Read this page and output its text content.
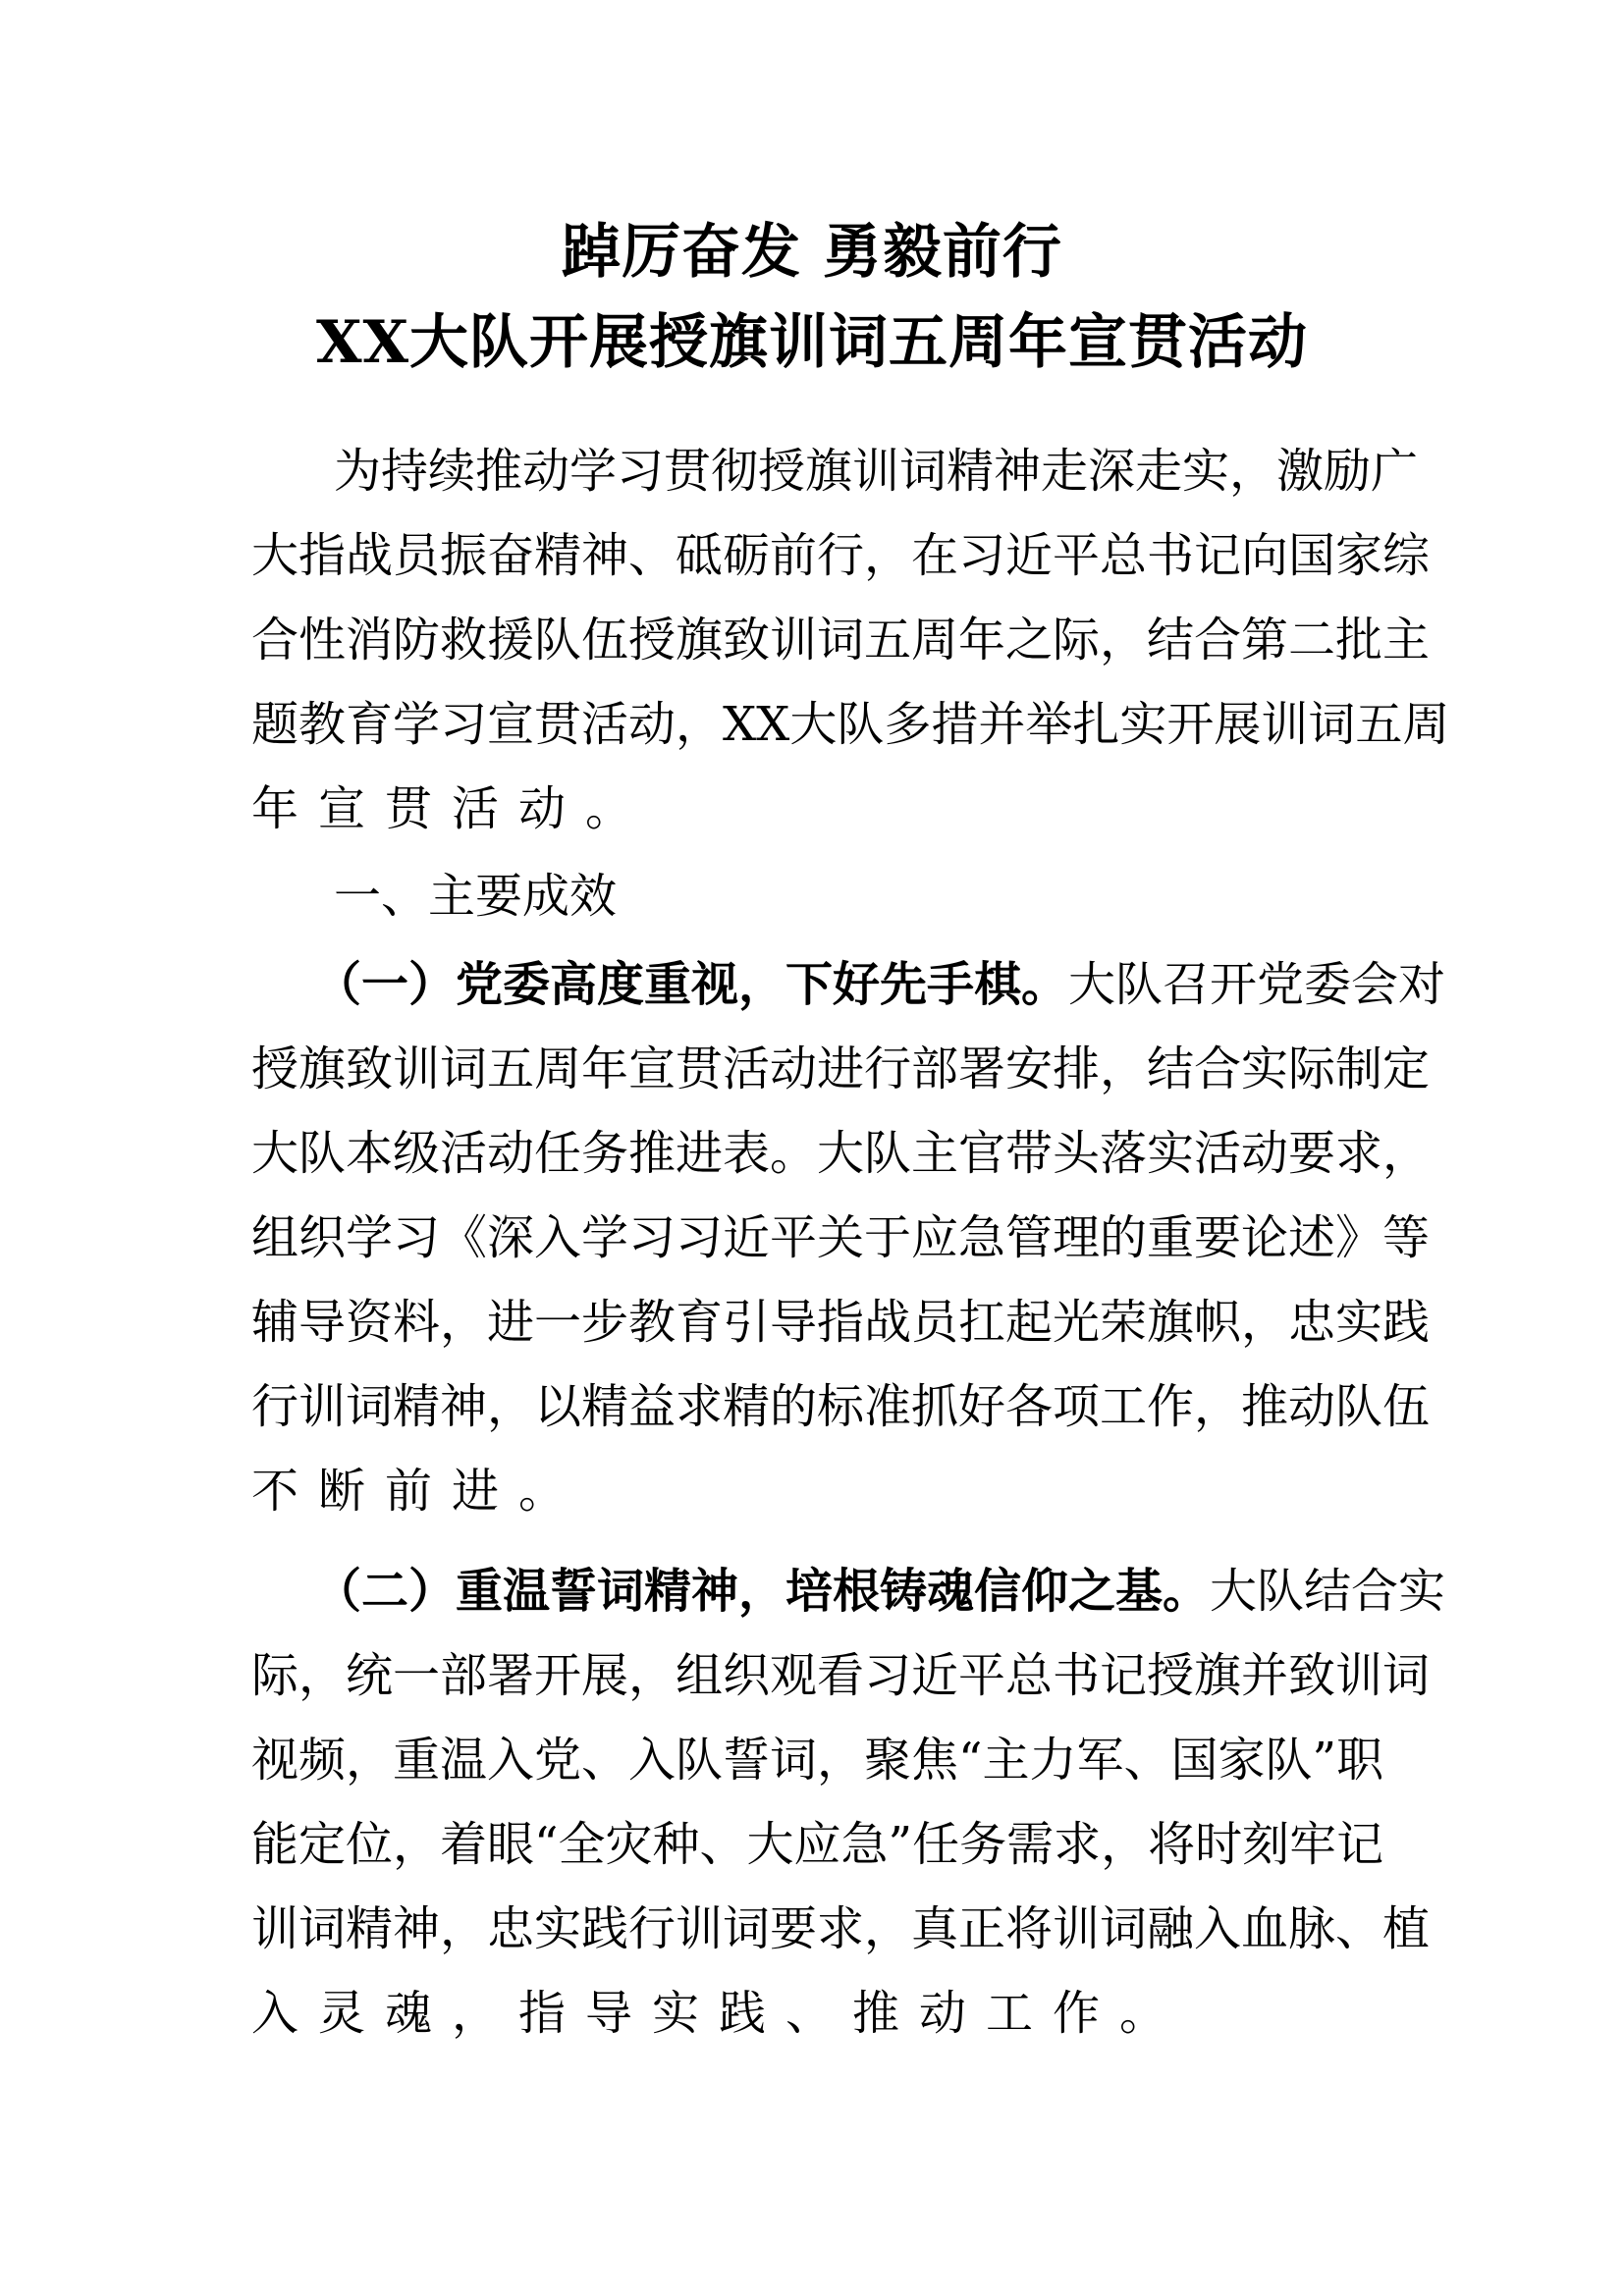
踔厉奋发 勇毅前行
XX大队开展授旗训词五周年宣贯活动
为持续推动学习贯彻授旗训词精神走深走实，激励广
大指战员振奋精神、砥砺前行，在习近平总书记向国家综
合性消防救援队伍授旗致训词五周年之际，结合第二批主
题教育学习宣贯活动，XX大队多措并举扎实开展训词五周
年宣贯活动。
一、主要成效
（一）党委高度重视，下好先手棋。大队召开党委会对
授旗致训词五周年宣贯活动进行部署安排，结合实际制定
大队本级活动任务推进表。大队主官带头落实活动要求，
组织学习《深入学习习近平关于应急管理的重要论述》等
辅导资料，进一步教育引导指战员扛起光荣旗帜，忠实践
行训词精神，以精益求精的标准抓好各项工作，推动队伍
不断前进。
（二）重温誓词精神，培根铸魂信仰之基。大队结合实
际，统一部署开展，组织观看习近平总书记授旗并致训词
视频，重温入党、入队誓词，聚焦“主力军、国家队”职
能定位，着眼“全灾种、大应急”任务需求，将时刻牢记
训词精神，忠实践行训词要求，真正将训词融入血脉、植
入灵魂，指导实践、推动工作。
